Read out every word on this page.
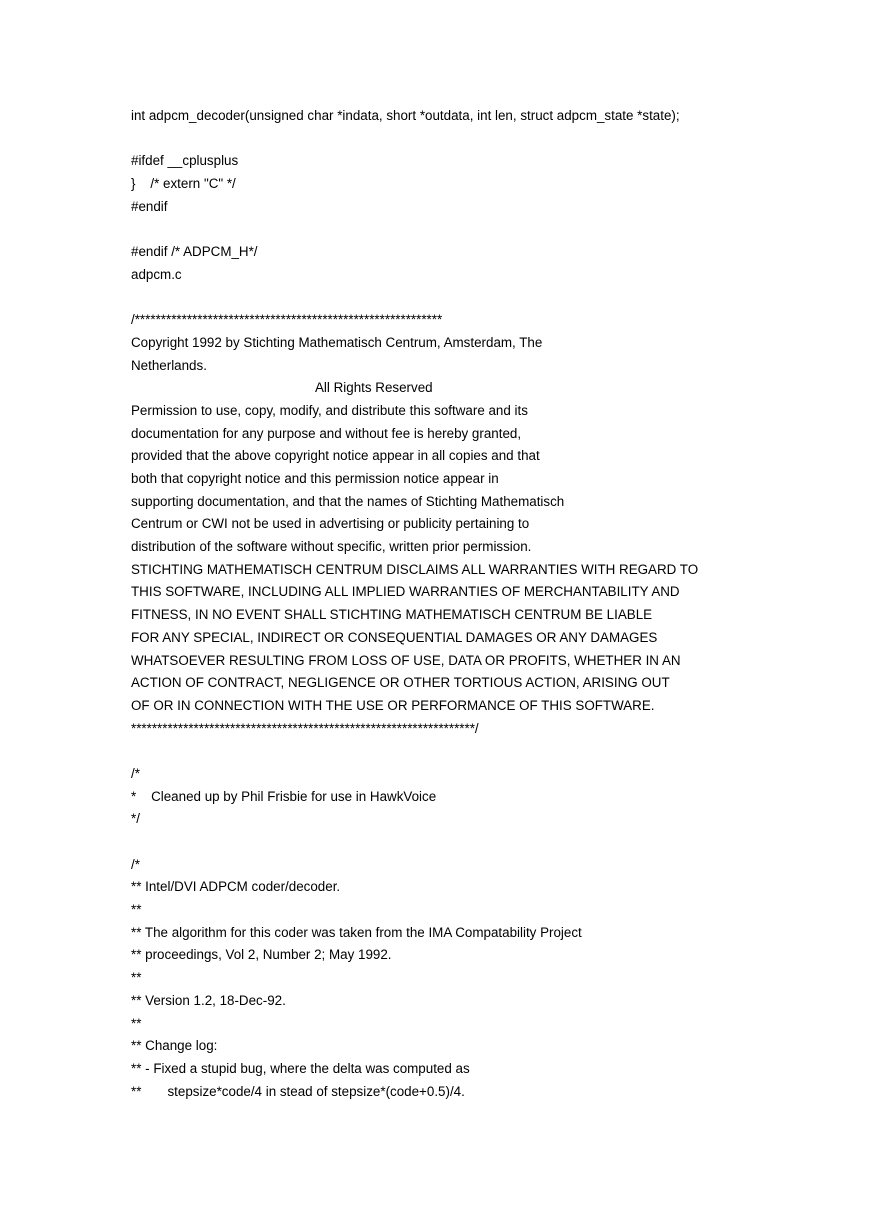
int adpcm_decoder(unsigned char *indata, short *outdata, int len, struct adpcm_state *state);
#ifdef __cplusplus
}    /* extern "C" */
#endif
#endif /* ADPCM_H*/
adpcm.c
/***********************************************************
Copyright 1992 by Stichting Mathematisch Centrum, Amsterdam, The
Netherlands.
All Rights Reserved
Permission to use, copy, modify, and distribute this software and its
documentation for any purpose and without fee is hereby granted,
provided that the above copyright notice appear in all copies and that
both that copyright notice and this permission notice appear in
supporting documentation, and that the names of Stichting Mathematisch
Centrum or CWI not be used in advertising or publicity pertaining to
distribution of the software without specific, written prior permission.
STICHTING MATHEMATISCH CENTRUM DISCLAIMS ALL WARRANTIES WITH REGARD TO
THIS SOFTWARE, INCLUDING ALL IMPLIED WARRANTIES OF MERCHANTABILITY AND
FITNESS, IN NO EVENT SHALL STICHTING MATHEMATISCH CENTRUM BE LIABLE
FOR ANY SPECIAL, INDIRECT OR CONSEQUENTIAL DAMAGES OR ANY DAMAGES
WHATSOEVER RESULTING FROM LOSS OF USE, DATA OR PROFITS, WHETHER IN AN
ACTION OF CONTRACT, NEGLIGENCE OR OTHER TORTIOUS ACTION, ARISING OUT
OF OR IN CONNECTION WITH THE USE OR PERFORMANCE OF THIS SOFTWARE.
******************************************************************/
/*
*    Cleaned up by Phil Frisbie for use in HawkVoice
*/
/*
** Intel/DVI ADPCM coder/decoder.
**
** The algorithm for this coder was taken from the IMA Compatability Project
** proceedings, Vol 2, Number 2; May 1992.
**
** Version 1.2, 18-Dec-92.
**
** Change log:
** - Fixed a stupid bug, where the delta was computed as
**       stepsize*code/4 in stead of stepsize*(code+0.5)/4.
